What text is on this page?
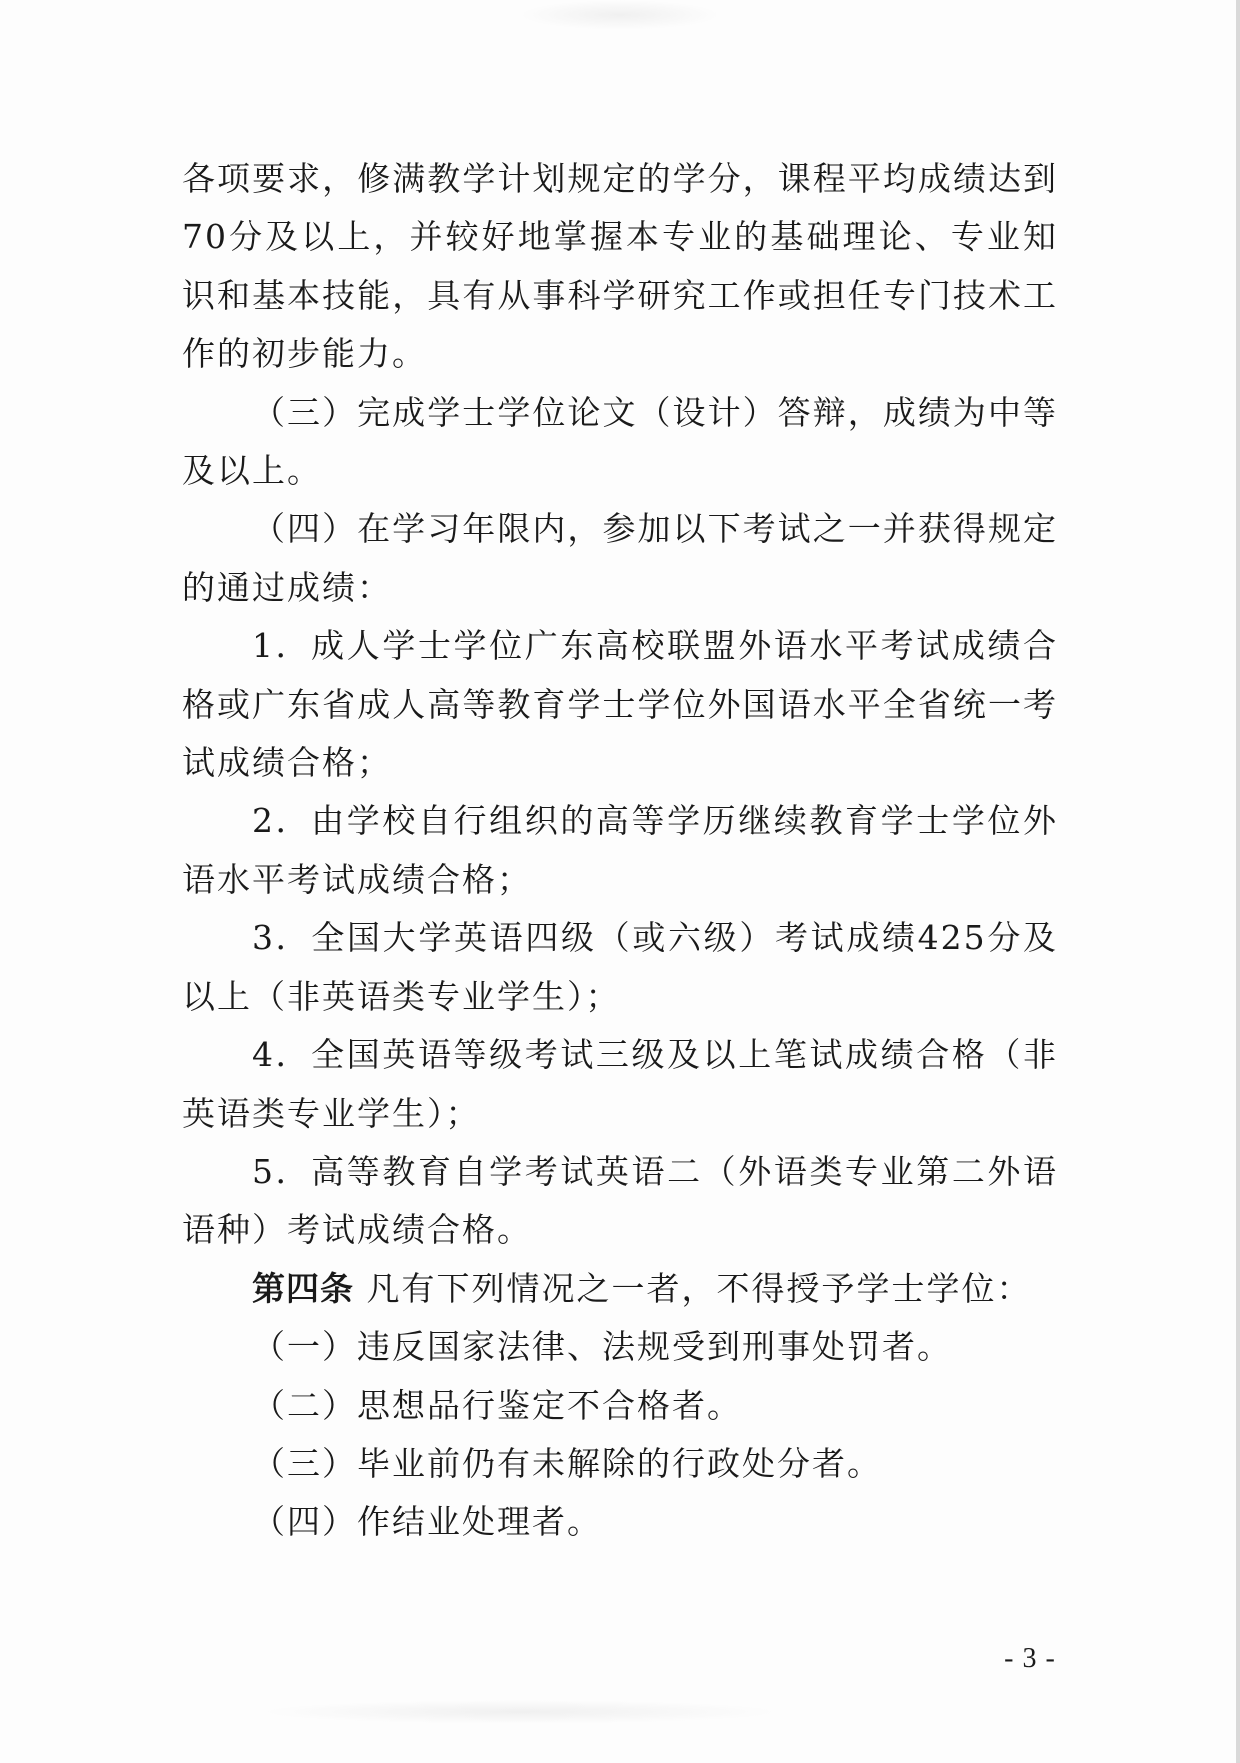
各项要求，修满教学计划规定的学分，课程平均成绩达到70分及以上，并较好地掌握本专业的基础理论、专业知识和基本技能，具有从事科学研究工作或担任专门技术工作的初步能力。

（三）完成学士学位论文（设计）答辩，成绩为中等及以上。

（四）在学习年限内，参加以下考试之一并获得规定的通过成绩：

1．成人学士学位广东高校联盟外语水平考试成绩合格或广东省成人高等教育学士学位外国语水平全省统一考试成绩合格；

2．由学校自行组织的高等学历继续教育学士学位外语水平考试成绩合格；

3．全国大学英语四级（或六级）考试成绩425分及以上（非英语类专业学生）；

4．全国英语等级考试三级及以上笔试成绩合格（非英语类专业学生）；

5．高等教育自学考试英语二（外语类专业第二外语语种）考试成绩合格。

第四条 凡有下列情况之一者，不得授予学士学位：

（一）违反国家法律、法规受到刑事处罚者。

（二）思想品行鉴定不合格者。

（三）毕业前仍有未解除的行政处分者。

（四）作结业处理者。

- 3 -
